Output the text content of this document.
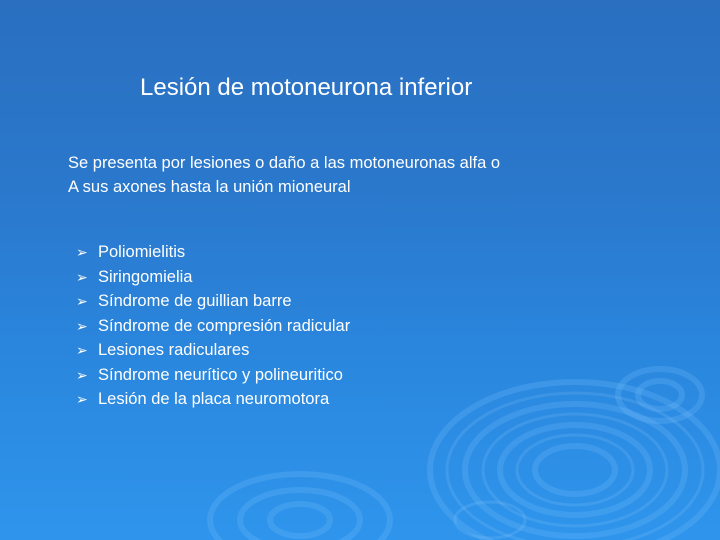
Lesión de motoneurona inferior
Se presenta por lesiones o daño a las motoneuronas alfa o
A sus axones hasta la unión mioneural
➢ Poliomielitis
➢ Siringomielia
➢ Síndrome de guillian barre
➢ Síndrome de compresión radicular
➢ Lesiones radiculares
➢ Síndrome neurítico y polineuritico
➢ Lesión de la placa neuromotora
